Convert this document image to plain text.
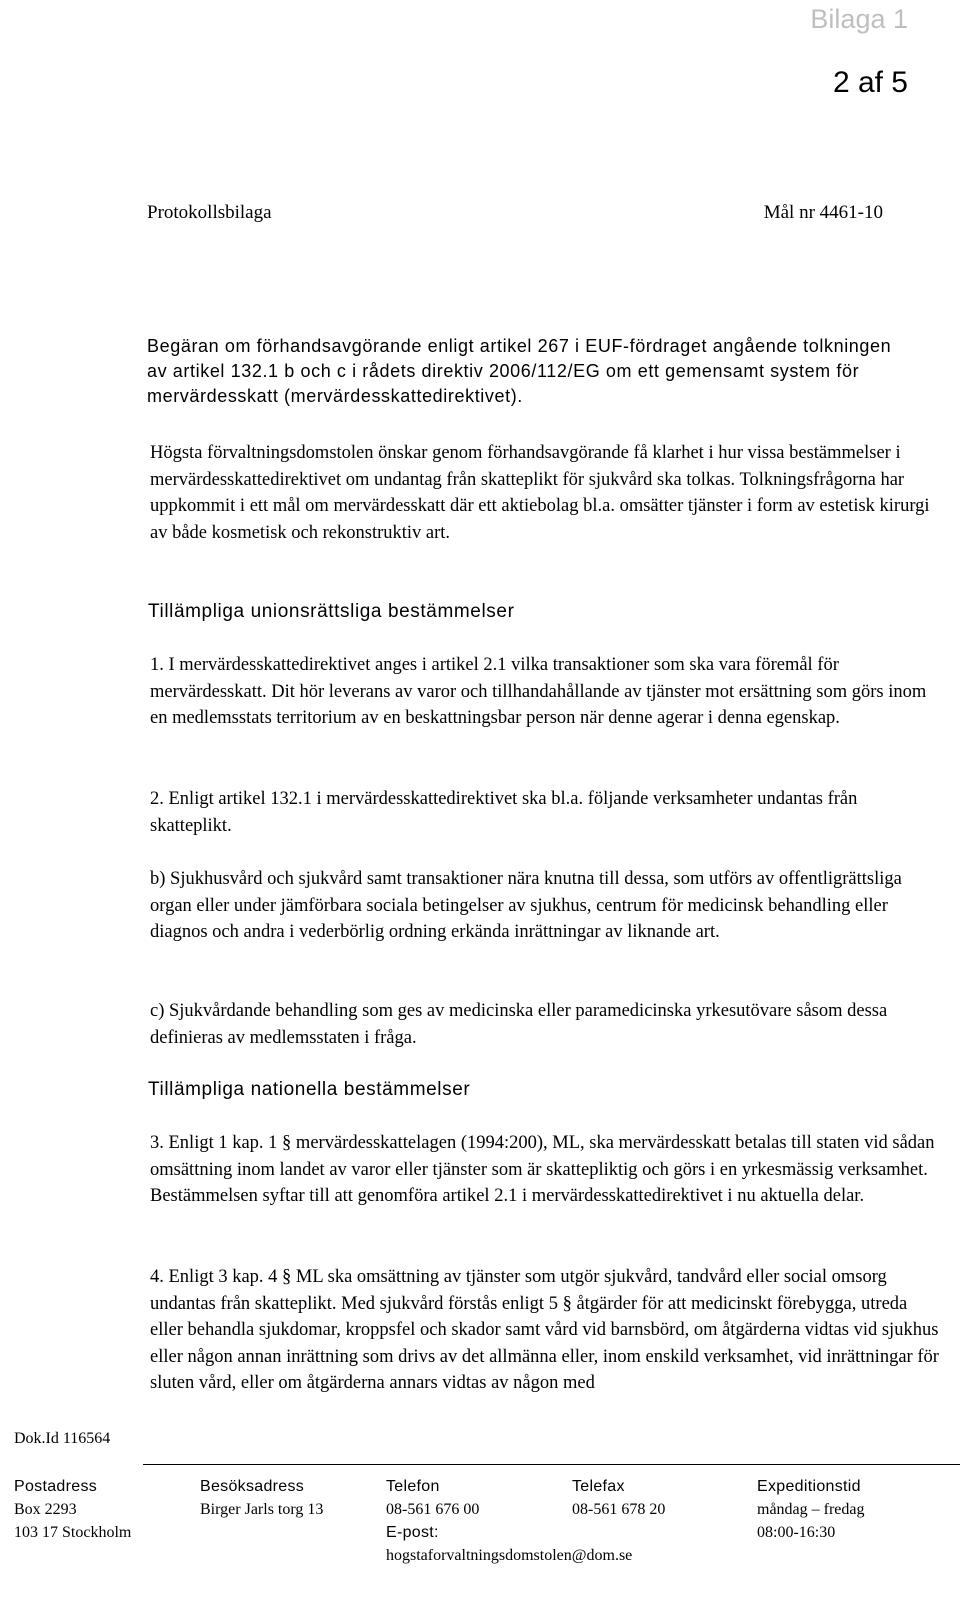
Bilaga 1
2 af 5
Protokollsbilaga	Mål nr 4461-10
Begäran om förhandsavgörande enligt artikel 267 i EUF-fördraget angående tolkningen av artikel 132.1 b och c i rådets direktiv 2006/112/EG om ett gemensamt system för mervärdesskatt (mervärdesskattedirektivet).

Högsta förvaltningsdomstolen önskar genom förhandsavgörande få klarhet i hur vissa bestämmelser i mervärdesskattedirektivet om undantag från skatteplikt för sjukvård ska tolkas. Tolkningsfrågorna har uppkommit i ett mål om mervärdesskatt där ett aktiebolag bl.a. omsätter tjänster i form av estetisk kirurgi av både kosmetisk och rekonstruktiv art.

Tillämpliga unionsrättsliga bestämmelser

1. I mervärdesskattedirektivet anges i artikel 2.1 vilka transaktioner som ska vara föremål för mervärdesskatt. Dit hör leverans av varor och tillhandahållande av tjänster mot ersättning som görs inom en medlemsstats territorium av en beskattningsbar person när denne agerar i denna egenskap.

2. Enligt artikel 132.1 i mervärdesskattedirektivet ska bl.a. följande verksamheter undantas från skatteplikt.

b) Sjukhusvård och sjukvård samt transaktioner nära knutna till dessa, som utförs av offentligrättsliga organ eller under jämförbara sociala betingelser av sjukhus, centrum för medicinsk behandling eller diagnos och andra i vederbörlig ordning erkända inrättningar av liknande art.

c) Sjukvårdande behandling som ges av medicinska eller paramedicinska yrkesutövare såsom dessa definieras av medlemsstaten i fråga.

Tillämpliga nationella bestämmelser

3. Enligt 1 kap. 1 § mervärdesskattelagen (1994:200), ML, ska mervärdesskatt betalas till staten vid sådan omsättning inom landet av varor eller tjänster som är skattepliktig och görs i en yrkesmässig verksamhet. Bestämmelsen syftar till att genomföra artikel 2.1 i mervärdesskattedirektivet i nu aktuella delar.

4. Enligt 3 kap. 4 § ML ska omsättning av tjänster som utgör sjukvård, tandvård eller social omsorg undantas från skatteplikt. Med sjukvård förstås enligt 5 § åtgärder för att medicinskt förebygga, utreda eller behandla sjukdomar, kroppsfel och skador samt vård vid barnsbörd, om åtgärderna vidtas vid sjukhus eller någon annan inrättning som drivs av det allmänna eller, inom enskild verksamhet, vid inrättningar för sluten vård, eller om åtgärderna annars vidtas av någon med

Dok.Id 116564
Postadress
Box 2293
103 17 Stockholm
Besöksadress
Birger Jarls torg 13
Telefon
08-561 676 00
E-post:
hogstaforvaltningsdomstolen@dom.se
Telefax
08-561 678 20
Expeditionstid
måndag – fredag
08:00-16:30
